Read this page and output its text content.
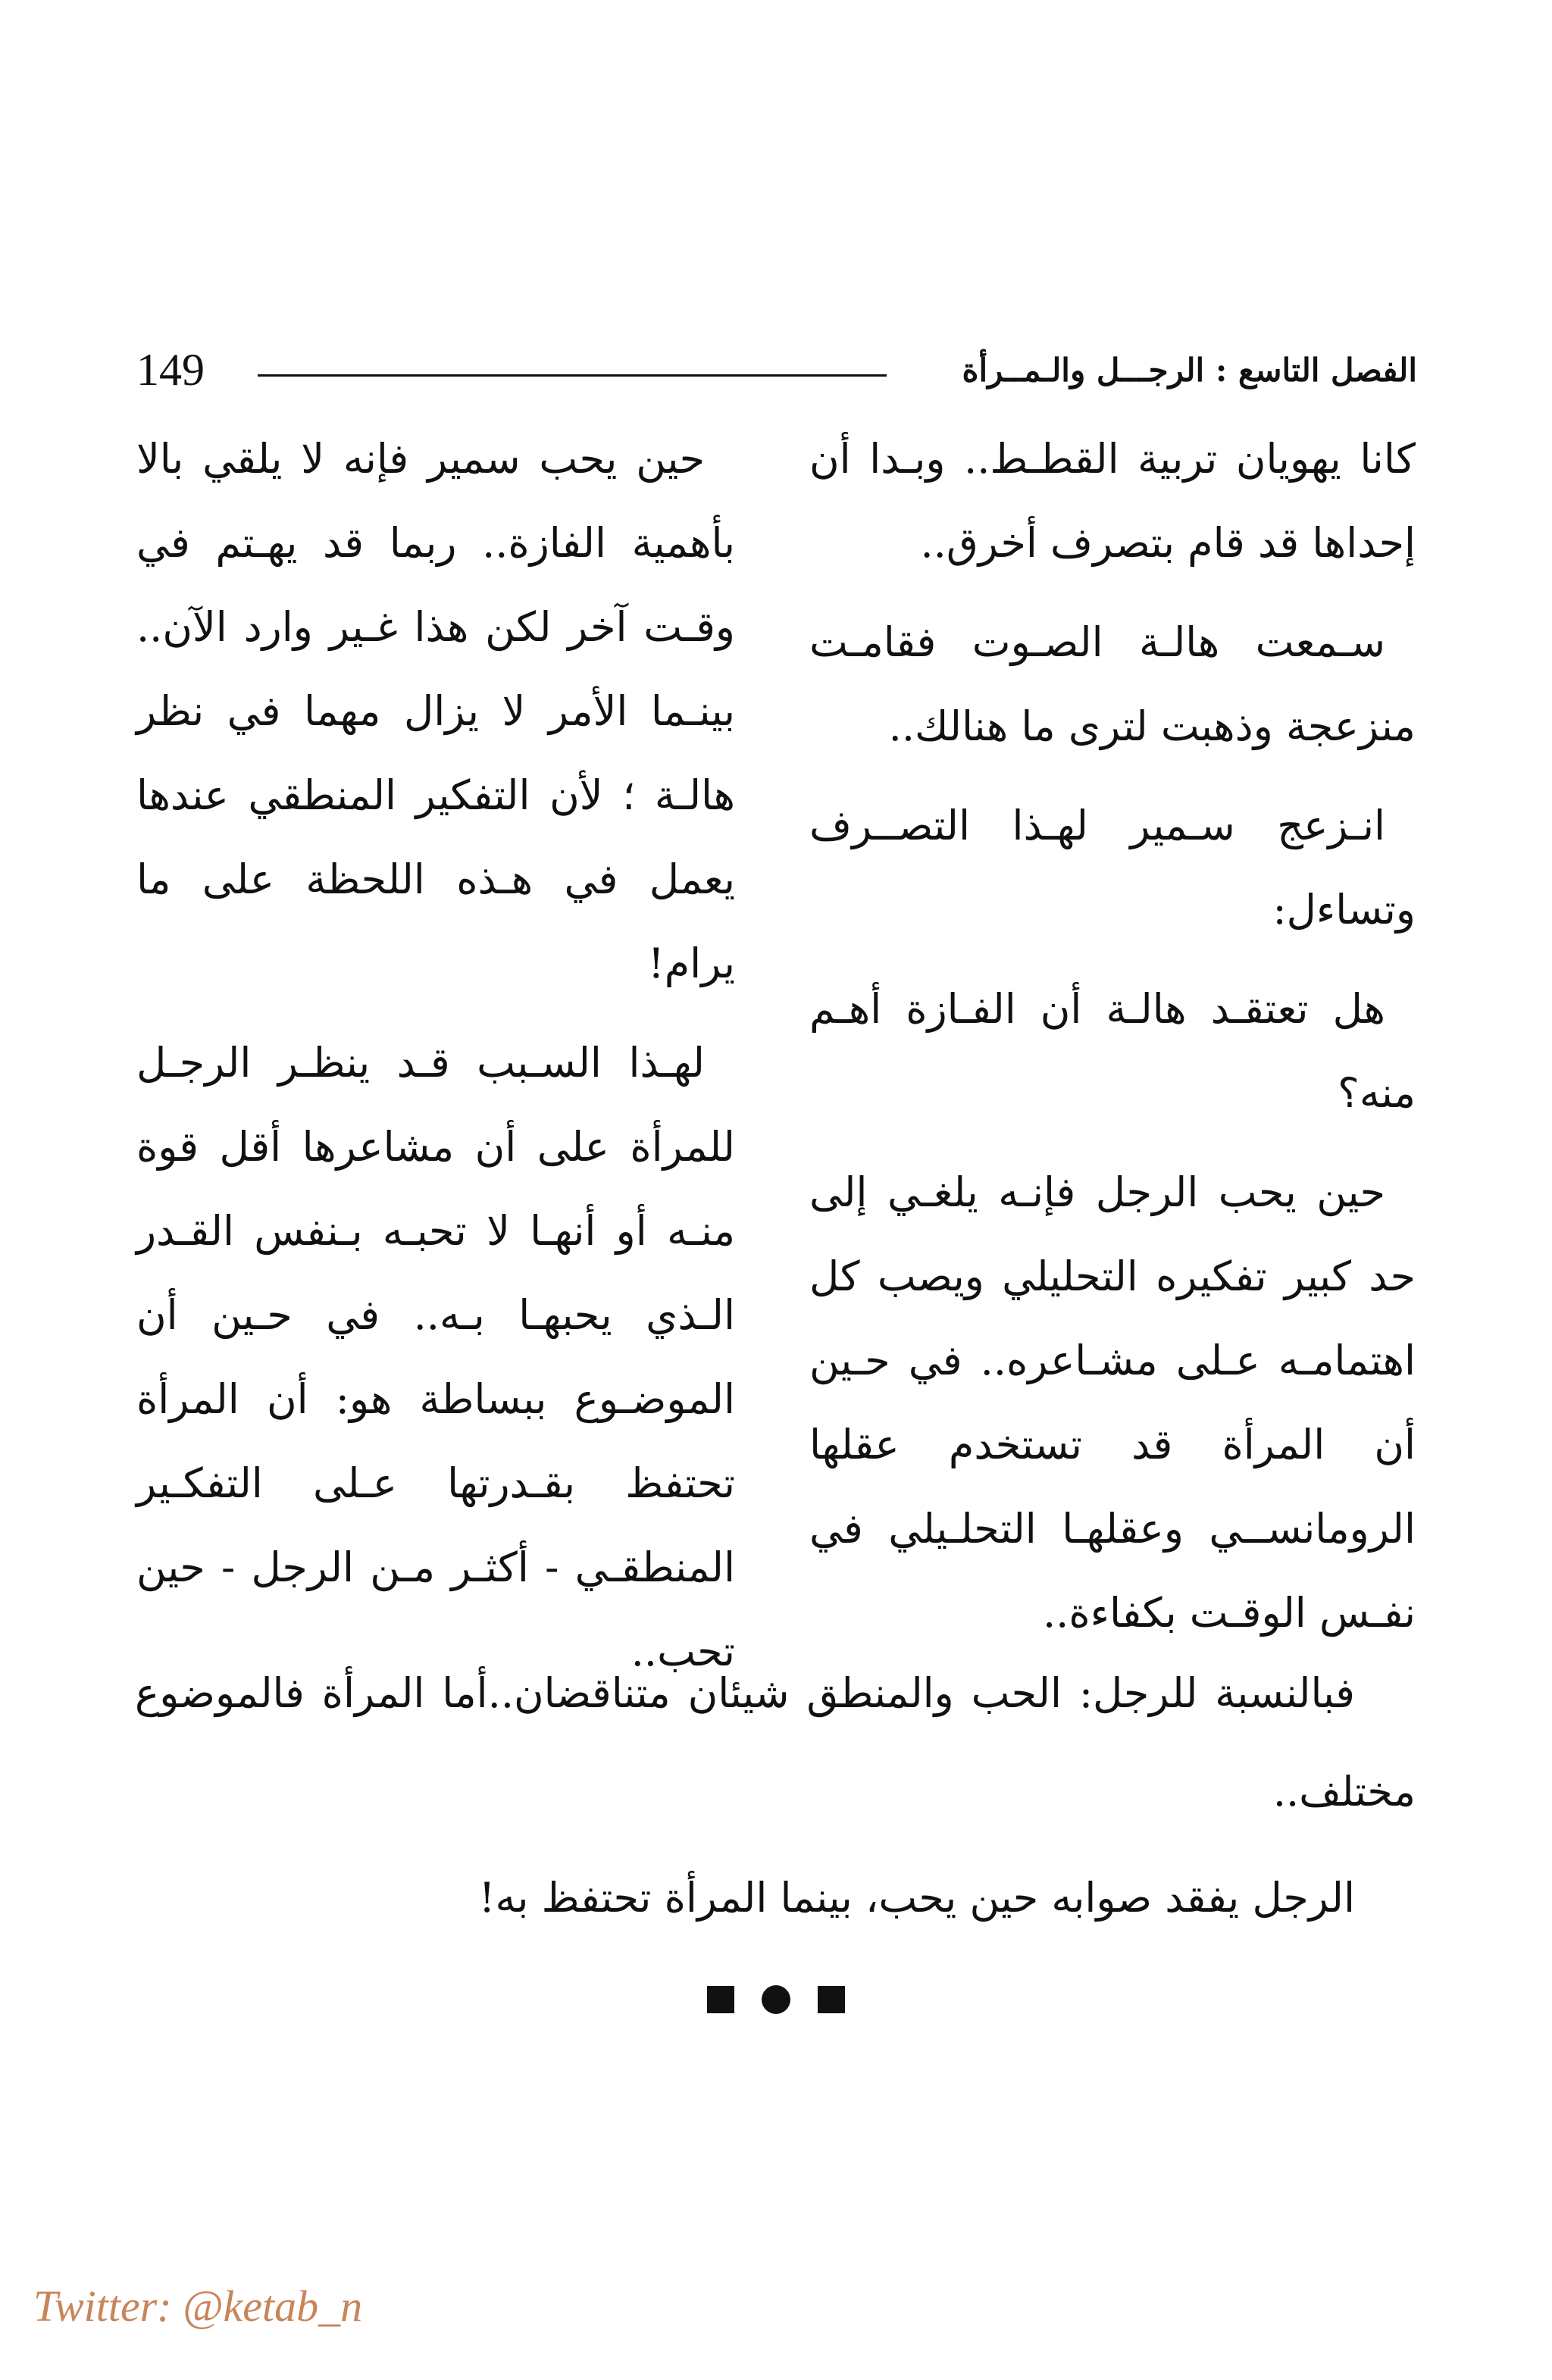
الفصل التاسع : الرجـــل والـمــرأة
149

كانا يهويان تربية القطـط.. وبـدا أن إحداها قد قام بتصرف أخرق..

سـمعت هالـة الصـوت فقامـت منزعجة وذهبت لترى ما هنالك..

انـزعج سـمير لهـذا التصــرف وتساءل:

هل تعتقـد هالـة أن الفـازة أهـم منه؟

حين يحب الرجل فإنـه يلغـي إلى حد كبير تفكيره التحليلي ويصب كل اهتمامـه عـلى مشـاعره.. في حـين أن المرأة قد تستخدم عقلها الرومانســي وعقلهـا التحلـيلي في نفـس الوقـت بكفاءة..

حين يحب سمير فإنه لا يلقي بالا بأهمية الفازة.. ربما قد يهـتم في وقـت آخر لكن هذا غـير وارد الآن.. بينـما الأمر لا يزال مهما في نظر هالـة ؛ لأن التفكير المنطقي عندها يعمل في هـذه اللحظة على ما يرام!

لهـذا السـبب قـد ينظـر الرجـل للمرأة على أن مشاعرها أقل قوة منـه أو أنهـا لا تحبـه بـنفس القـدر الـذي يحبهـا بـه.. في حـين أن الموضـوع ببساطة هو: أن المرأة تحتفظ بقـدرتها عـلى التفكـير المنطقـي - أكثـر مـن الرجل - حين تحب..

فبالنسبة للرجل: الحب والمنطق شيئان متناقضان..أما المرأة فالموضوع مختلف..
الرجل يفقد صوابه حين يحب، بينما المرأة تحتفظ به!

Twitter: @ketab_n
